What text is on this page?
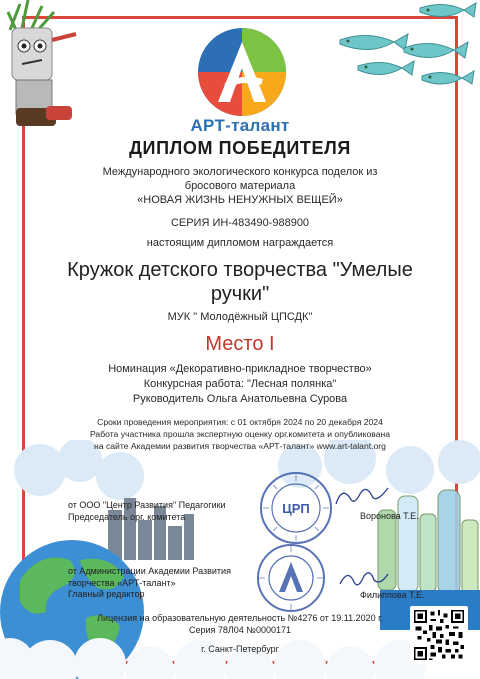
АРТ-талант
ДИПЛОМ ПОБЕДИТЕЛЯ
Международного экологического конкурса поделок из
бросового материала
«НОВАЯ ЖИЗНЬ НЕНУЖНЫХ ВЕЩЕЙ»
СЕРИЯ ИН-483490-988900
настоящим дипломом награждается
Кружок детского творчества "Умелые
ручки"
МУК " Молодёжный ЦПСДК"
Место I
Номинация «Декоративно-прикладное творчество»
Конкурсная работа: "Лесная полянка"
Руководитель Ольга Анатольевна Сурова
Сроки проведения мероприятия: с 01 октября 2024 по 20 декабря 2024
Работа участника прошла экспертную оценку орг.комитета и опубликована
на сайте Академии развития творчества «АРТ-талант» www.art-talant.org
ЦРП
от ООО "Центр Развития" Педагогики
Председатель орг. комитета	Воронова Т.Е.
от Администрации Академии Развития
творчества «АРТ-талант»
Главный редактор	Филиппова Т.Е.
Лицензия на образовательную деятельность №4276 от 19.11.2020 г.
Серия 78Л04 №0000171
г. Санкт-Петербург
